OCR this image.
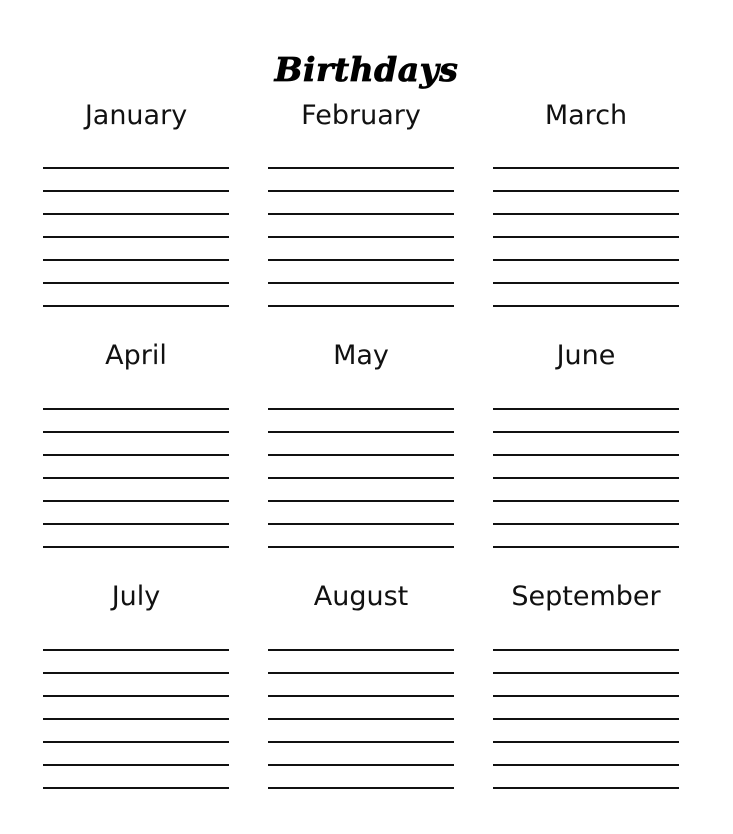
Birthdays
January	February	March
April	May	June
July	August	September
